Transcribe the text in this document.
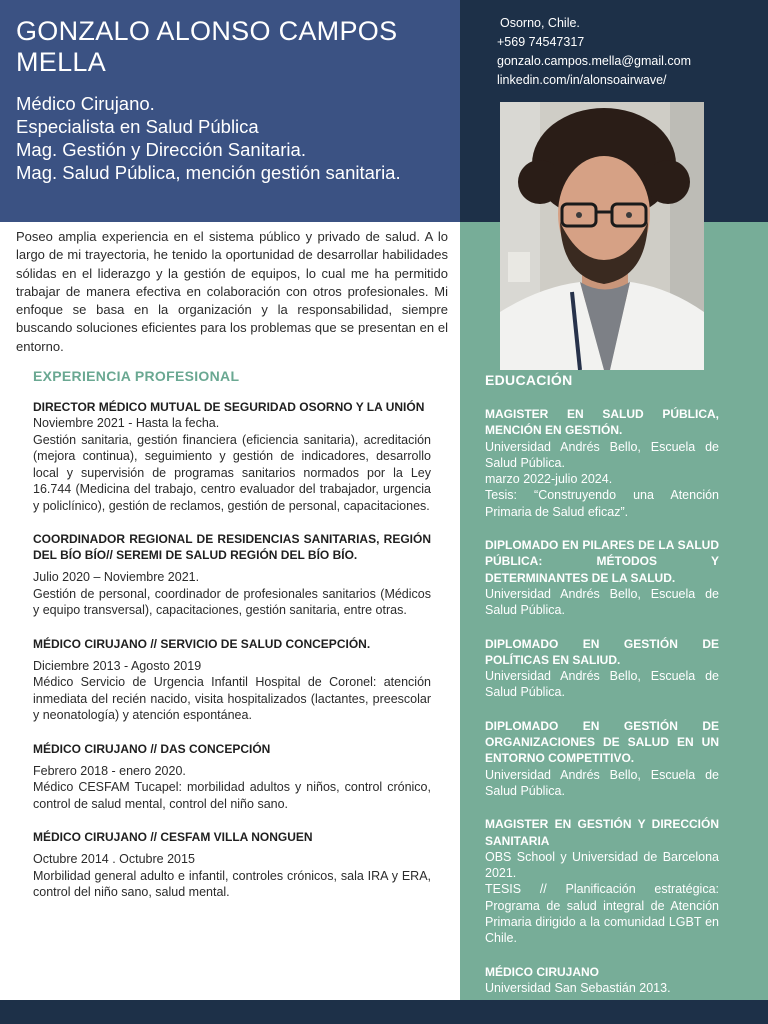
GONZALO ALONSO CAMPOS MELLA
Médico Cirujano.
Especialista en Salud Pública
Mag. Gestión y Dirección Sanitaria.
Mag. Salud Pública, mención gestión sanitaria.
Osorno, Chile.
+569 74547317
gonzalo.campos.mella@gmail.com
linkedin.com/in/alonsoairwave/

Poseo amplia experiencia en el sistema público y privado de salud. A lo largo de mi trayectoria, he tenido la oportunidad de desarrollar habilidades sólidas en el liderazgo y la gestión de equipos, lo cual me ha permitido trabajar de manera efectiva en colaboración con otros profesionales. Mi enfoque se basa en la organización y la responsabilidad, siempre buscando soluciones eficientes para los problemas que se presentan en el entorno.

EXPERIENCIA PROFESIONAL
DIRECTOR MÉDICO MUTUAL DE SEGURIDAD OSORNO Y LA UNIÓN
Noviembre 2021 - Hasta la fecha.
Gestión sanitaria, gestión financiera (eficiencia sanitaria), acreditación (mejora continua), seguimiento y gestión de indicadores, desarrollo local y supervisión de programas sanitarios normados por la Ley 16.744 (Medicina del trabajo, centro evaluador del trabajador, urgencia y policlínico), gestión de reclamos, gestión de personal, capacitaciones.
COORDINADOR REGIONAL DE RESIDENCIAS SANITARIAS, REGIÓN DEL BÍO BÍO// SEREMI DE SALUD REGIÓN DEL BÍO BÍO.
Julio 2020 – Noviembre 2021.
Gestión de personal, coordinador de profesionales sanitarios (Médicos y equipo transversal), capacitaciones, gestión sanitaria, entre otras.
MÉDICO CIRUJANO // SERVICIO DE SALUD CONCEPCIÓN.
Diciembre 2013 - Agosto 2019
Médico Servicio de Urgencia Infantil Hospital de Coronel: atención inmediata del recién nacido, visita hospitalizados (lactantes, preescolar y neonatología) y atención espontánea.
MÉDICO CIRUJANO // DAS CONCEPCIÓN
Febrero 2018 - enero 2020.
Médico CESFAM Tucapel: morbilidad adultos y niños, control crónico, control de salud mental, control del niño sano.
MÉDICO CIRUJANO // CESFAM VILLA NONGUEN
Octubre 2014 . Octubre 2015
Morbilidad general adulto e infantil, controles crónicos, sala IRA y ERA, control del niño sano, salud mental.
EDUCACIÓN
MAGISTER EN SALUD PÚBLICA, MENCIÓN EN GESTIÓN.
Universidad Andrés Bello, Escuela de Salud Pública.
marzo 2022-julio 2024.
Tesis: “Construyendo una Atención Primaria de Salud eficaz”.
DIPLOMADO EN PILARES DE LA SALUD PÚBLICA: MÉTODOS Y DETERMINANTES DE LA SALUD.
Universidad Andrés Bello, Escuela de Salud Pública.
DIPLOMADO EN GESTIÓN DE POLÍTICAS EN SALIUD.
Universidad Andrés Bello, Escuela de Salud Pública.
DIPLOMADO EN GESTIÓN DE ORGANIZACIONES DE SALUD EN UN ENTORNO COMPETITIVO.
Universidad Andrés Bello, Escuela de Salud Pública.
MAGISTER EN GESTIÓN Y DIRECCIÓN SANITARIA
OBS School y Universidad de Barcelona 2021.
TESIS // Planificación estratégica: Programa de salud integral de Atención Primaria dirigido a la comunidad LGBT en Chile.
MÉDICO CIRUJANO
Universidad San Sebastián 2013.
